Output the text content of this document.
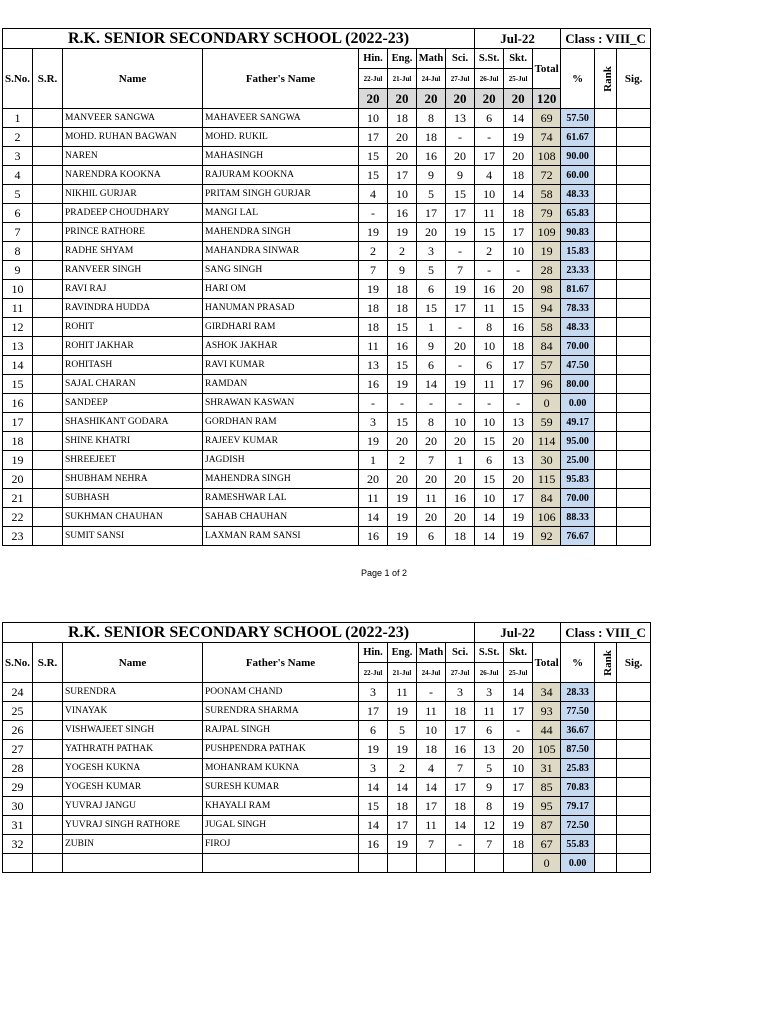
R.K. SENIOR SECONDARY SCHOOL (2022-23)								Jul-22			Class : VIII_C		
S.No.	S.R.	Name	Father's Name	Hin.	Eng.	Math	Sci.	S.St.	Skt.	Total	%	Rank	Sig.
				22-Jul	21-Jul	24-Jul	27-Jul	26-Jul	25-Jul				
				20	20	20	20	20	20	120			
1		MANVEER SANGWA	MAHAVEER SANGWA	10	18	8	13	6	14	69	57.50		
2		MOHD. RUHAN BAGWAN	MOHD. RUKIL	17	20	18	-	-	19	74	61.67		
3		NAREN	MAHASINGH	15	20	16	20	17	20	108	90.00		
4		NARENDRA KOOKNA	RAJURAM KOOKNA	15	17	9	9	4	18	72	60.00		
5		NIKHIL GURJAR	PRITAM SINGH GURJAR	4	10	5	15	10	14	58	48.33		
6		PRADEEP CHOUDHARY	MANGI LAL	-	16	17	17	11	18	79	65.83		
7		PRINCE RATHORE	MAHENDRA SINGH	19	19	20	19	15	17	109	90.83		
8		RADHE SHYAM	MAHANDRA SINWAR	2	2	3	-	2	10	19	15.83		
9		RANVEER SINGH	SANG SINGH	7	9	5	7	-	-	28	23.33		
10		RAVI RAJ	HARI OM	19	18	6	19	16	20	98	81.67		
11		RAVINDRA HUDDA	HANUMAN PRASAD	18	18	15	17	11	15	94	78.33		
12		ROHIT	GIRDHARI RAM	18	15	1	-	8	16	58	48.33		
13		ROHIT JAKHAR	ASHOK JAKHAR	11	16	9	20	10	18	84	70.00		
14		ROHITASH	RAVI KUMAR	13	15	6	-	6	17	57	47.50		
15		SAJAL CHARAN	RAMDAN	16	19	14	19	11	17	96	80.00		
16		SANDEEP	SHRAWAN KASWAN	-	-	-	-	-	-	0	0.00		
17		SHASHIKANT GODARA	GORDHAN RAM	3	15	8	10	10	13	59	49.17		
18		SHINE KHATRI	RAJEEV KUMAR	19	20	20	20	15	20	114	95.00		
19		SHREEJEET	JAGDISH	1	2	7	1	6	13	30	25.00		
20		SHUBHAM NEHRA	MAHENDRA SINGH	20	20	20	20	15	20	115	95.83		
21		SUBHASH	RAMESHWAR LAL	11	19	11	16	10	17	84	70.00		
22		SUKHMAN CHAUHAN	SAHAB CHAUHAN	14	19	20	20	14	19	106	88.33		
23		SUMIT SANSI	LAXMAN RAM SANSI	16	19	6	18	14	19	92	76.67		
Page 1 of 2
R.K. SENIOR SECONDARY SCHOOL (2022-23)								Jul-22			Class : VIII_C		
S.No.	S.R.	Name	Father's Name	Hin.	Eng.	Math	Sci.	S.St.	Skt.	Total	%	Rank	Sig.
				22-Jul	21-Jul	24-Jul	27-Jul	26-Jul	25-Jul				
24		SURENDRA	POONAM CHAND	3	11	-	3	3	14	34	28.33		
25		VINAYAK	SURENDRA SHARMA	17	19	11	18	11	17	93	77.50		
26		VISHWAJEET SINGH	RAJPAL SINGH	6	5	10	17	6	-	44	36.67		
27		YATHRATH PATHAK	PUSHPENDRA PATHAK	19	19	18	16	13	20	105	87.50		
28		YOGESH KUKNA	MOHANRAM KUKNA	3	2	4	7	5	10	31	25.83		
29		YOGESH KUMAR	SURESH KUMAR	14	14	14	17	9	17	85	70.83		
30		YUVRAJ JANGU	KHAYALI RAM	15	18	17	18	8	19	95	79.17		
31		YUVRAJ SINGH RATHORE	JUGAL SINGH	14	17	11	14	12	19	87	72.50		
32		ZUBIN	FIROJ	16	19	7	-	7	18	67	55.83		
										0	0.00		
